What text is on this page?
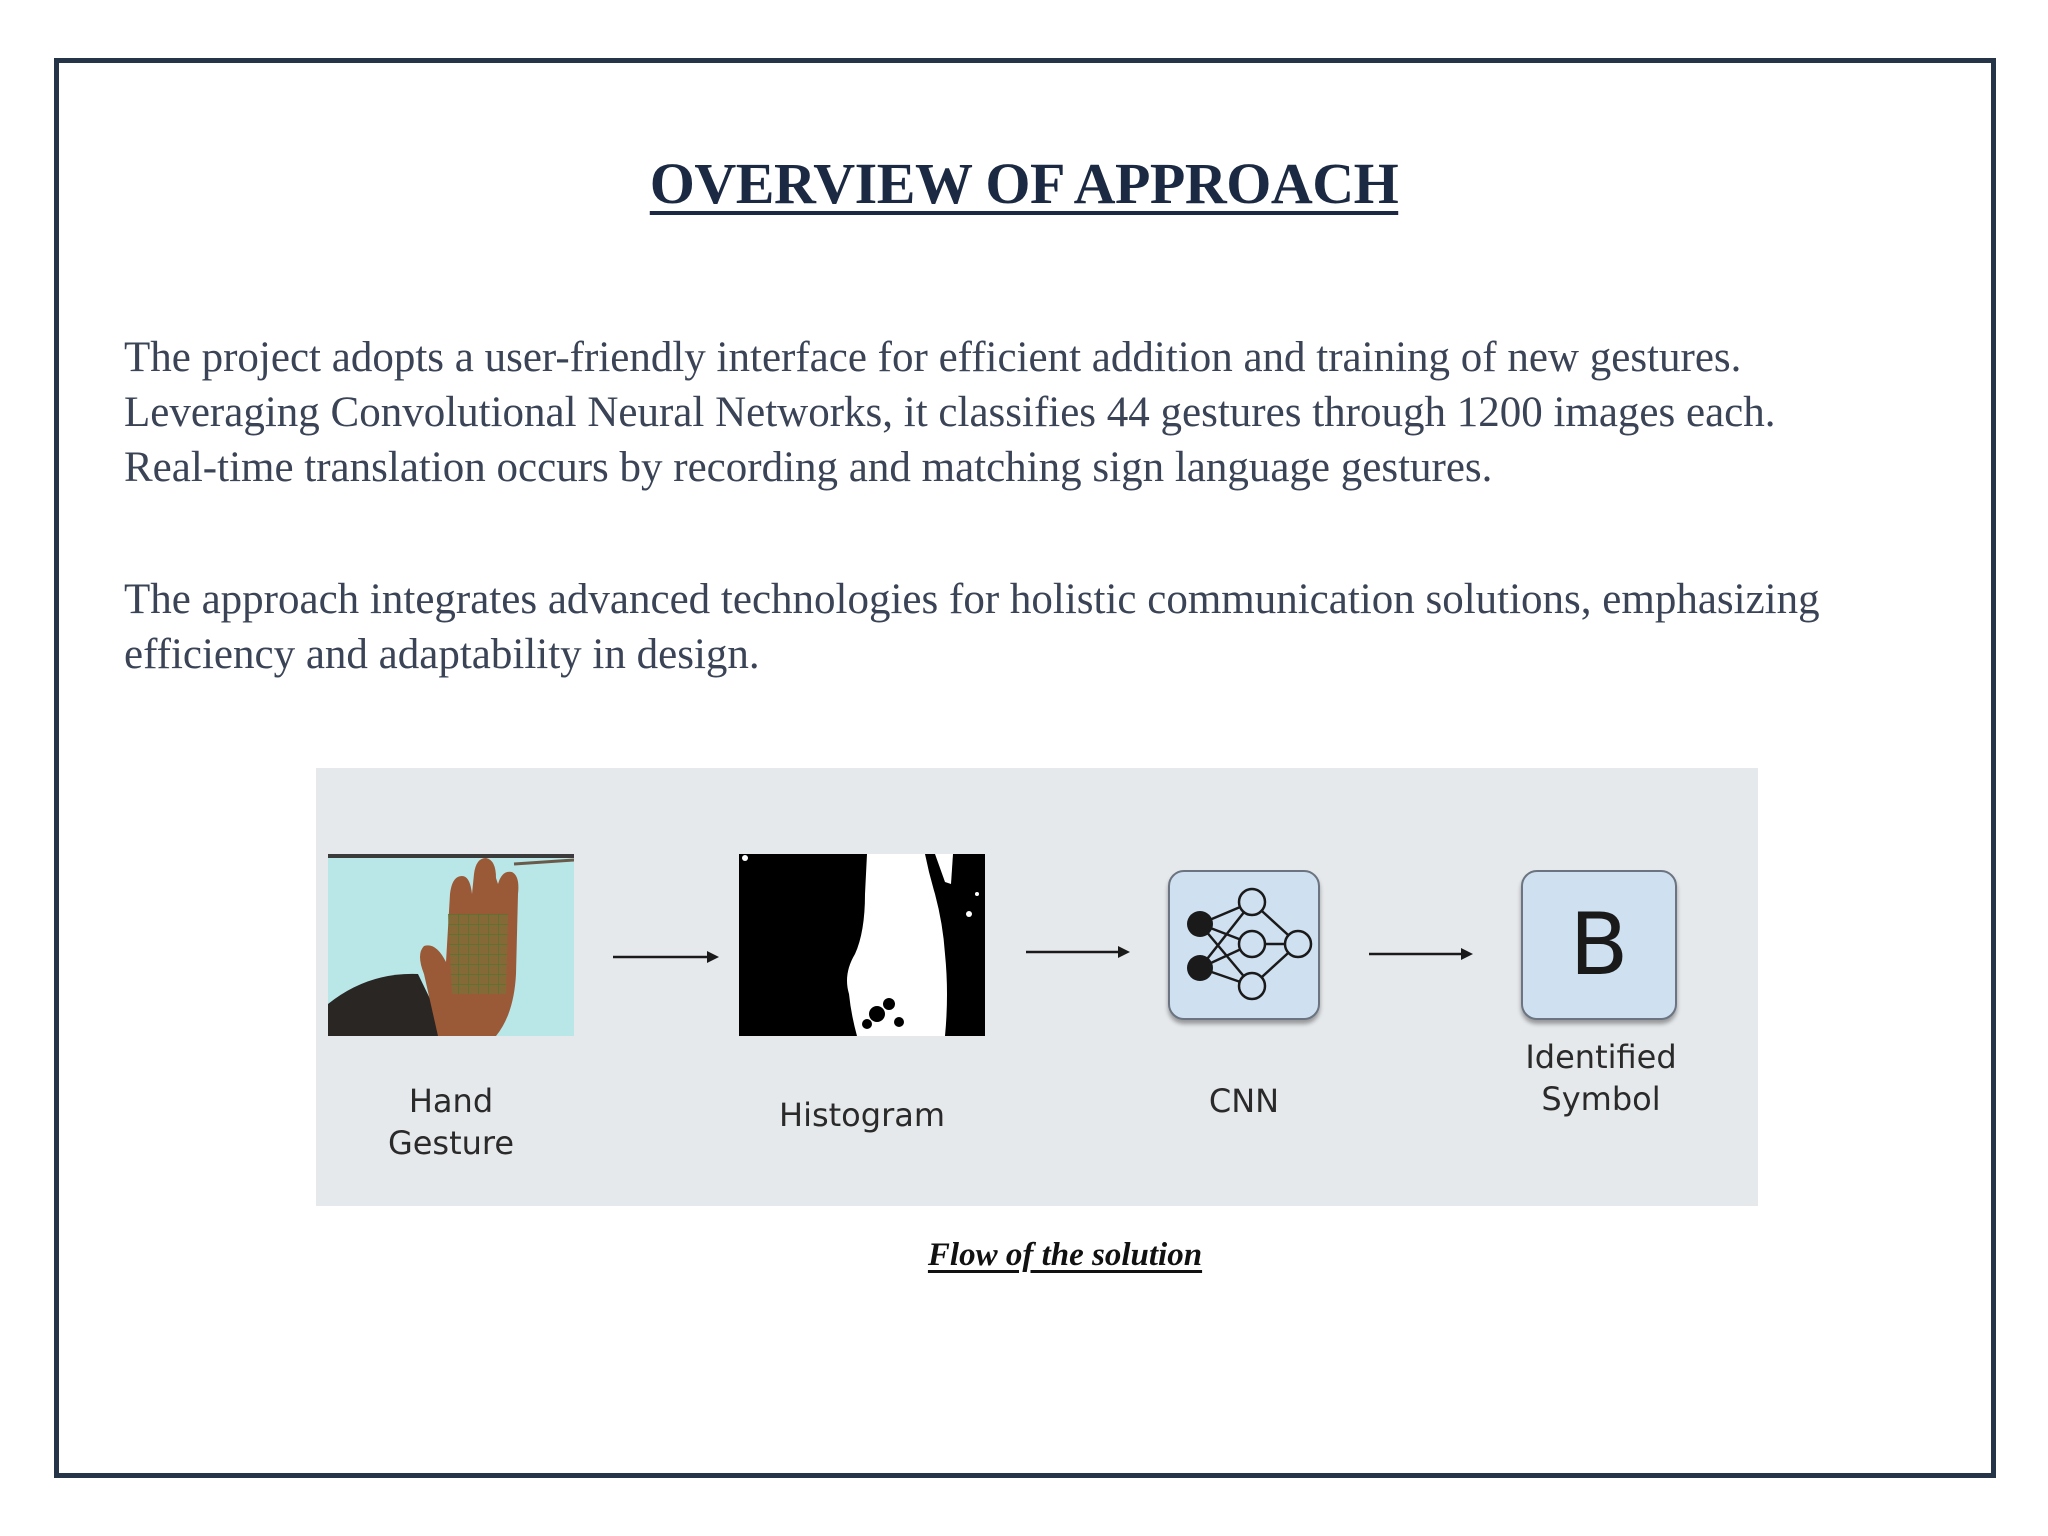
OVERVIEW OF APPROACH

The project adopts a user-friendly interface for efficient addition and training of new gestures.
Leveraging Convolutional Neural Networks, it classifies 44 gestures through 1200 images each.
Real-time translation occurs by recording and matching sign language gestures.

The approach integrates advanced technologies for holistic communication solutions, emphasizing
efficiency and adaptability in design.

B
Hand
Gesture
Histogram	CNN
Identified
Symbol

Flow of the solution
